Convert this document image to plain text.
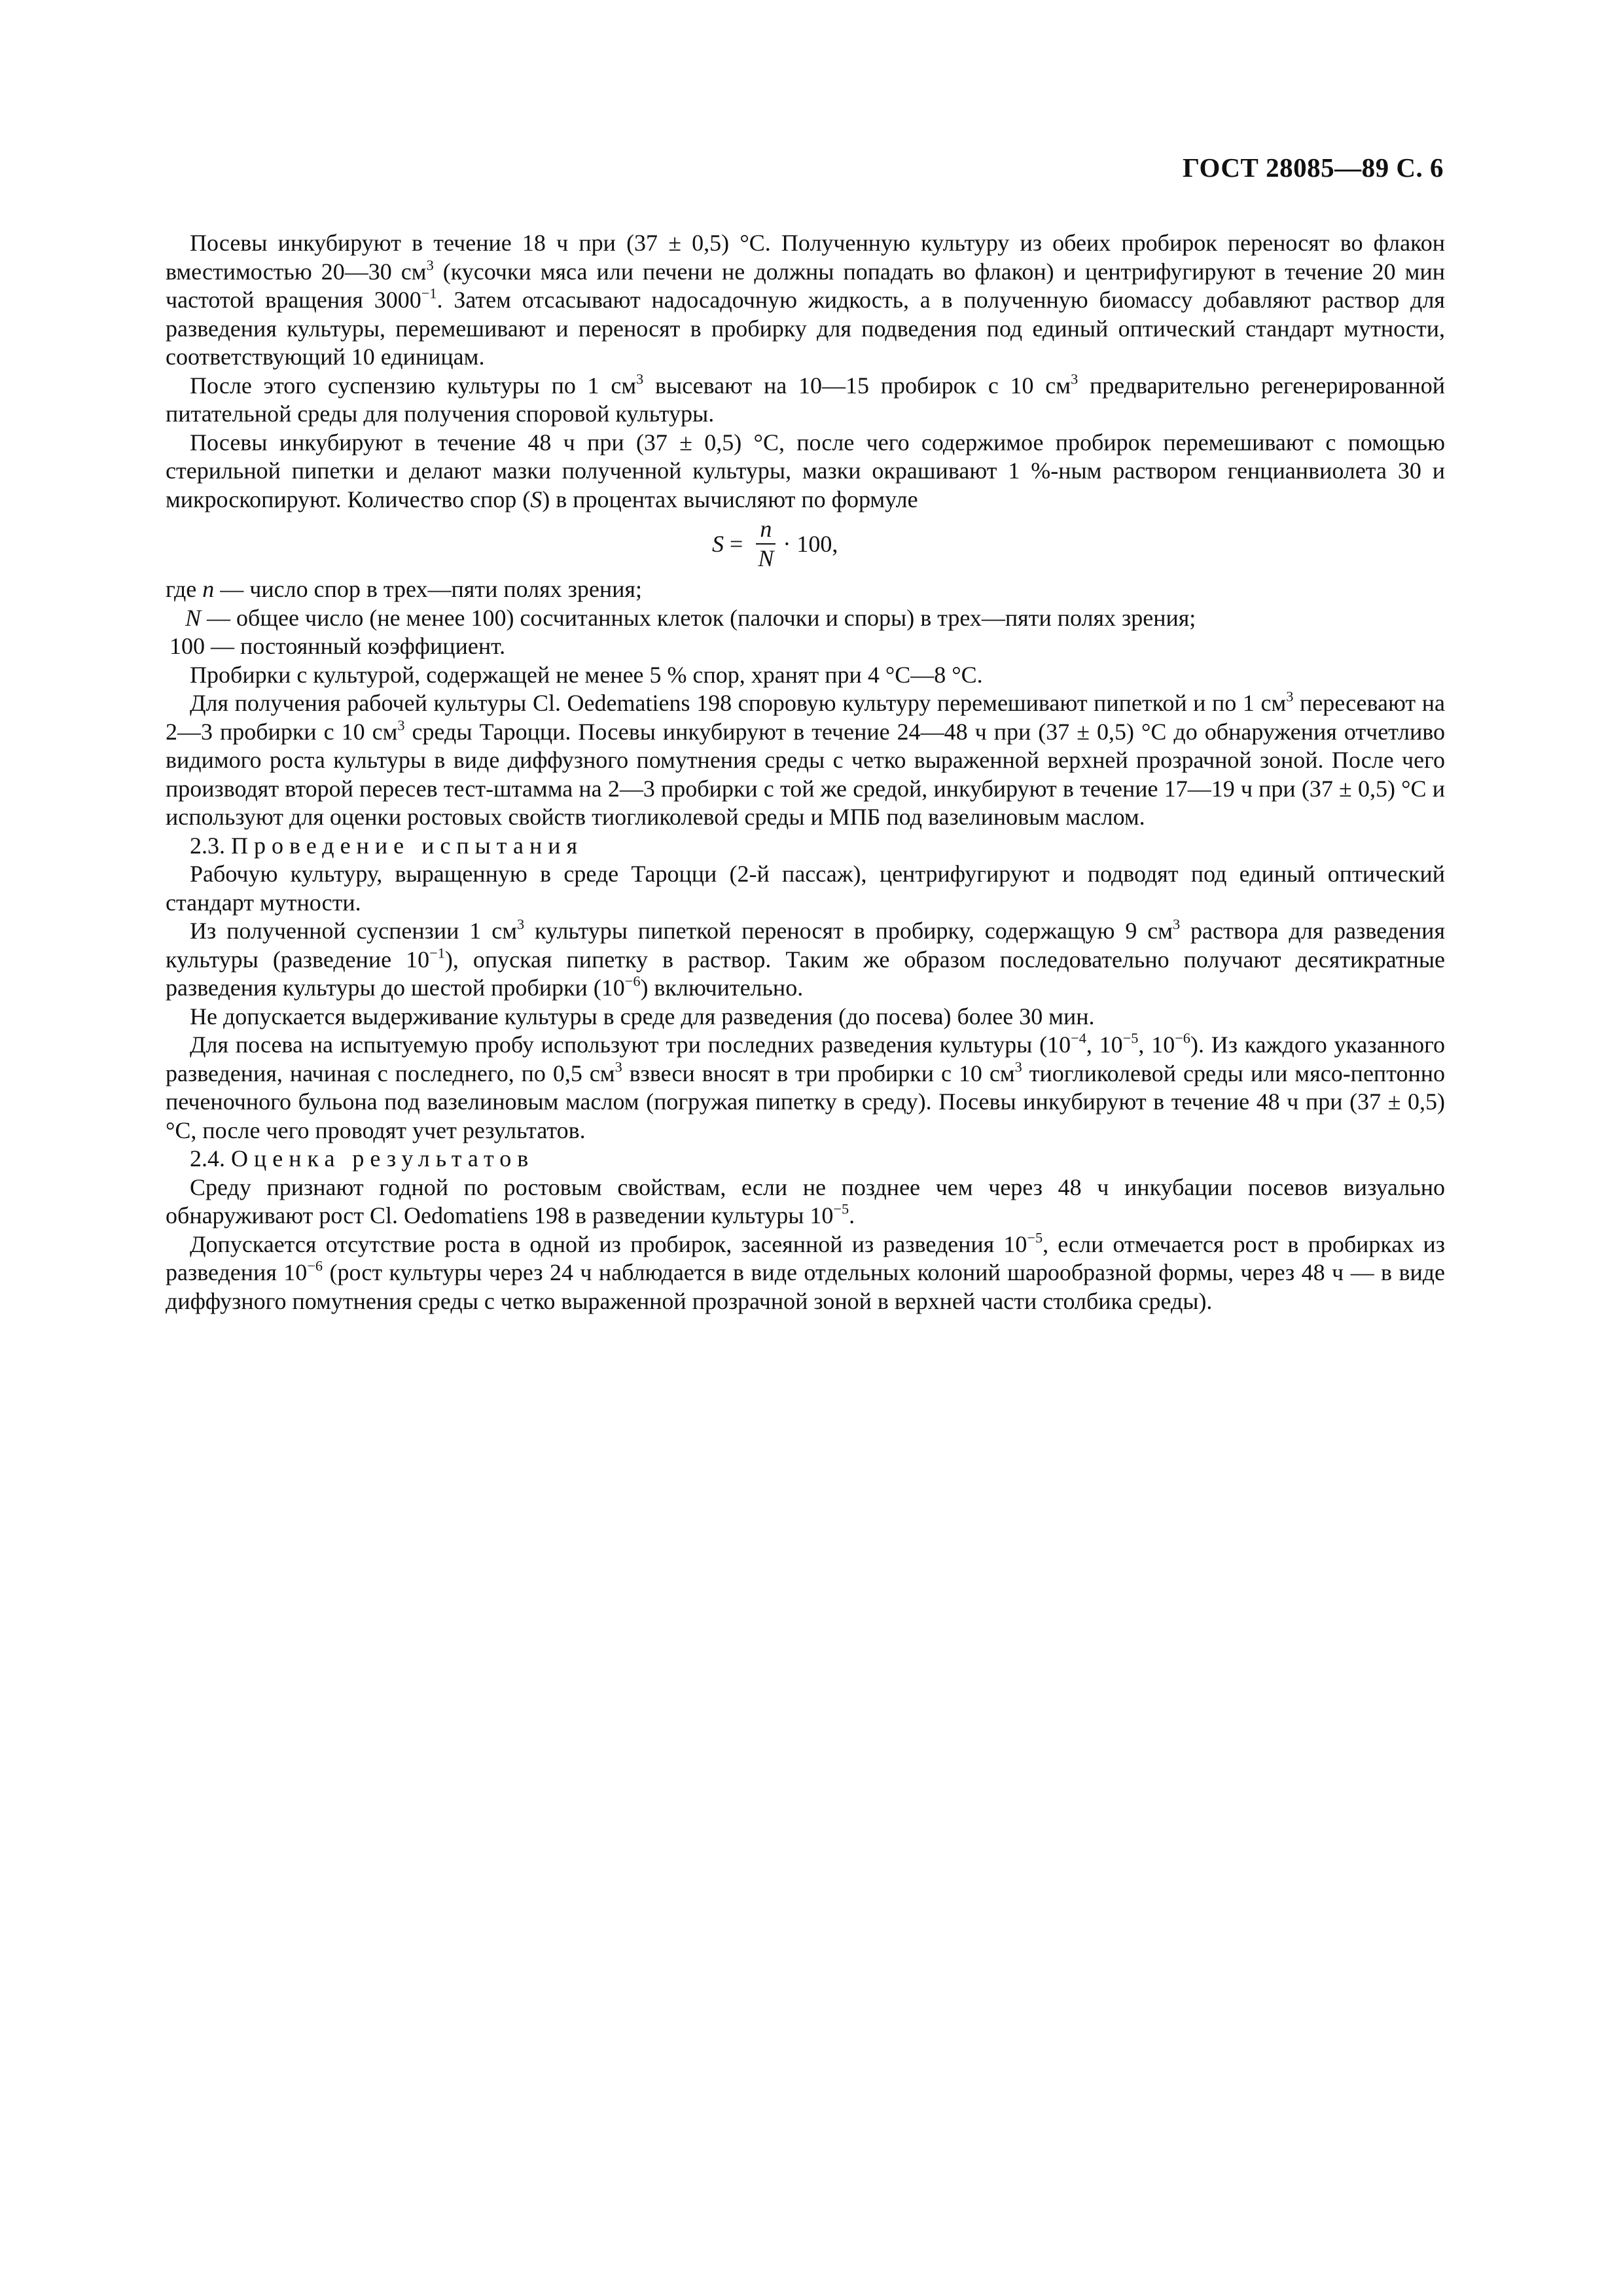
ГОСТ 28085—89 С. 6

Посевы инкубируют в течение 18 ч при (37 ± 0,5) °С. Полученную культуру из обеих пробирок переносят во флакон вместимостью 20—30 $см^3$ (кусочки мяса или печени не должны попадать во флакон) и центрифугируют в течение 20 мин частотой вращения $3000^{-1}$. Затем отсасывают надосадочную жидкость, а в полученную биомассу добавляют раствор для разведения культуры, перемешивают и переносят в пробирку для подведения под единый оптический стандарт мутности, соответствующий 10 единицам.

После этого суспензию культуры по 1 $см^3$ высевают на 10—15 пробирок с 10 $см^3$ предварительно регенерированной питательной среды для получения споровой культуры.

Посевы инкубируют в течение 48 ч при (37 ± 0,5) °С, после чего содержимое пробирок перемешивают с помощью стерильной пипетки и делают мазки полученной культуры, мазки окрашивают 1 %-ным раствором генцианвиолета 30 и микроскопируют. Количество спор (S) в процентах вычисляют по формуле

$S = \frac{n}{N} \cdot 100$,

где n — число спор в трех—пяти полях зрения;

N — общее число (не менее 100) сосчитанных клеток (палочки и споры) в трех—пяти полях зрения;

100 — постоянный коэффициент.

Пробирки с культурой, содержащей не менее 5 % спор, хранят при 4 °С—8 °С.

Для получения рабочей культуры Cl. Oedematiens 198 споровую культуру перемешивают пипеткой и по 1 $см^3$ пересевают на 2—3 пробирки с 10 $см^3$ среды Тароцци. Посевы инкубируют в течение 24—48 ч при (37 ± 0,5) °С до обнаружения отчетливо видимого роста культуры в виде диффузного помутнения среды с четко выраженной верхней прозрачной зоной. После чего производят второй пересев тест-штамма на 2—3 пробирки с той же средой, инкубируют в течение 17—19 ч при (37 ± 0,5) °С и используют для оценки ростовых свойств тиогликолевой среды и МПБ под вазелиновым маслом.

2.3. Проведение испытания

Рабочую культуру, выращенную в среде Тароцци (2-й пассаж), центрифугируют и подводят под единый оптический стандарт мутности.

Из полученной суспензии 1 $см^3$ культуры пипеткой переносят в пробирку, содержащую 9 $см^3$ раствора для разведения культуры (разведение $10^{-1}$), опуская пипетку в раствор. Таким же образом последовательно получают десятикратные разведения культуры до шестой пробирки $(10^{-6})$ включительно.

Не допускается выдерживание культуры в среде для разведения (до посева) более 30 мин.

Для посева на испытуемую пробу используют три последних разведения культуры ($10^{-4}$, $10^{-5}$, $10^{-6}$). Из каждого указанного разведения, начиная с последнего, по 0,5 $см^3$ взвеси вносят в три пробирки с 10 $см^3$ тиогликолевой среды или мясо-пептонно печеночного бульона под вазелиновым маслом (погружая пипетку в среду). Посевы инкубируют в течение 48 ч при (37 ± 0,5) °С, после чего проводят учет результатов.

2.4. Оценка результатов

Среду признают годной по ростовым свойствам, если не позднее чем через 48 ч инкубации посевов визуально обнаруживают рост Cl. Oedomatiens 198 в разведении культуры $10^{-5}$.

Допускается отсутствие роста в одной из пробирок, засеянной из разведения $10^{-5}$, если отмечается рост в пробирках из разведения $10^{-6}$ (рост культуры через 24 ч наблюдается в виде отдельных колоний шарообразной формы, через 48 ч — в виде диффузного помутнения среды с четко выраженной прозрачной зоной в верхней части столбика среды).
